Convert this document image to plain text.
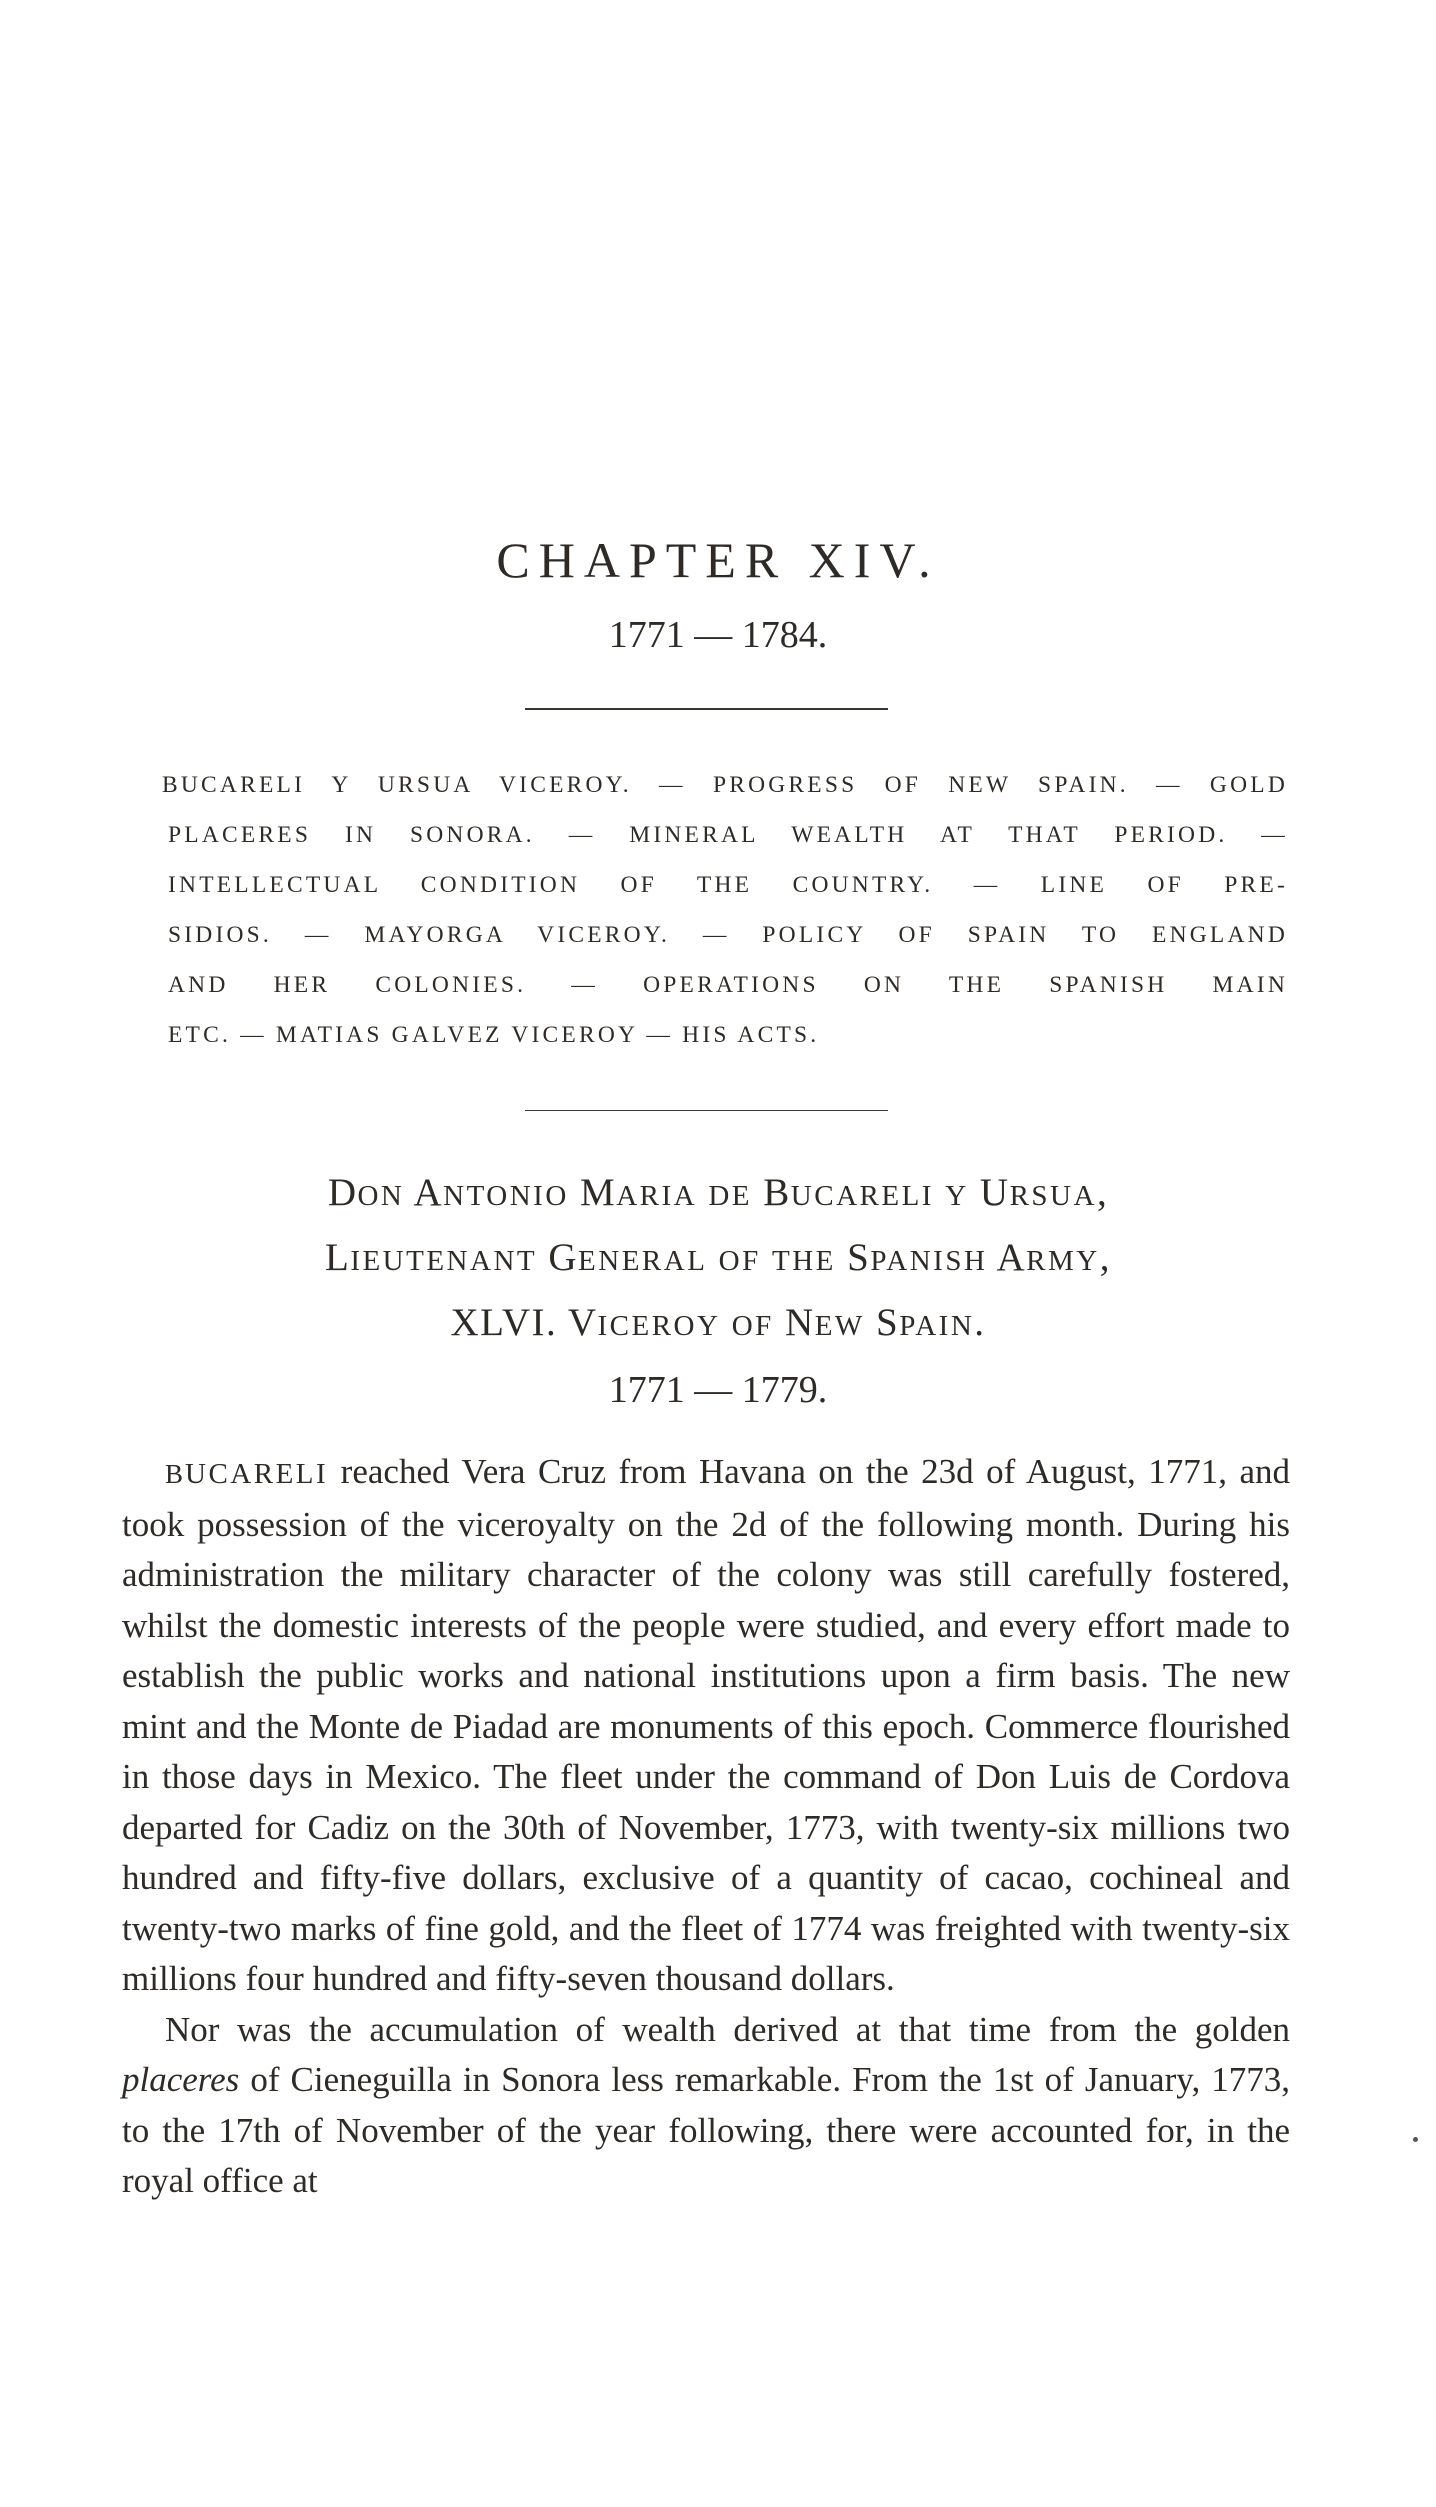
CHAPTER XIV.
1771 — 1784.
BUCARELI Y URSUA VICEROY. — PROGRESS OF NEW SPAIN. — GOLD
PLACERES IN SONORA. — MINERAL WEALTH AT THAT PERIOD. —
INTELLECTUAL CONDITION OF THE COUNTRY. — LINE OF PRE-
SIDIOS. — MAYORGA VICEROY. — POLICY OF SPAIN TO ENGLAND
AND HER COLONIES. — OPERATIONS ON THE SPANISH MAIN
ETC. — MATIAS GALVEZ VICEROY — HIS ACTS.
DON ANTONIO MARIA DE BUCARELI Y URSUA,
LIEUTENANT GENERAL OF THE SPANISH ARMY,
XLVI. VICEROY OF NEW SPAIN.
1771 — 1779.

BUCARELI reached Vera Cruz from Havana on the 23d of August, 1771, and took possession of the viceroyalty on the 2d of the following month. During his administration the military character of the colony was still carefully fostered, whilst the domestic interests of the people were studied, and every effort made to establish the public works and national institutions upon a firm basis. The new mint and the Monte de Piadad are monuments of this epoch. Commerce flourished in those days in Mexico. The fleet under the command of Don Luis de Cordova departed for Cadiz on the 30th of November, 1773, with twenty-six millions two hundred and fifty-five dollars, exclusive of a quantity of cacao, cochineal and twenty-two marks of fine gold, and the fleet of 1774 was freighted with twenty-six millions four hundred and fifty-seven thousand dollars.

Nor was the accumulation of wealth derived at that time from the golden placeres of Cieneguilla in Sonora less remarkable. From the 1st of January, 1773, to the 17th of November of the year following, there were accounted for, in the royal office at
